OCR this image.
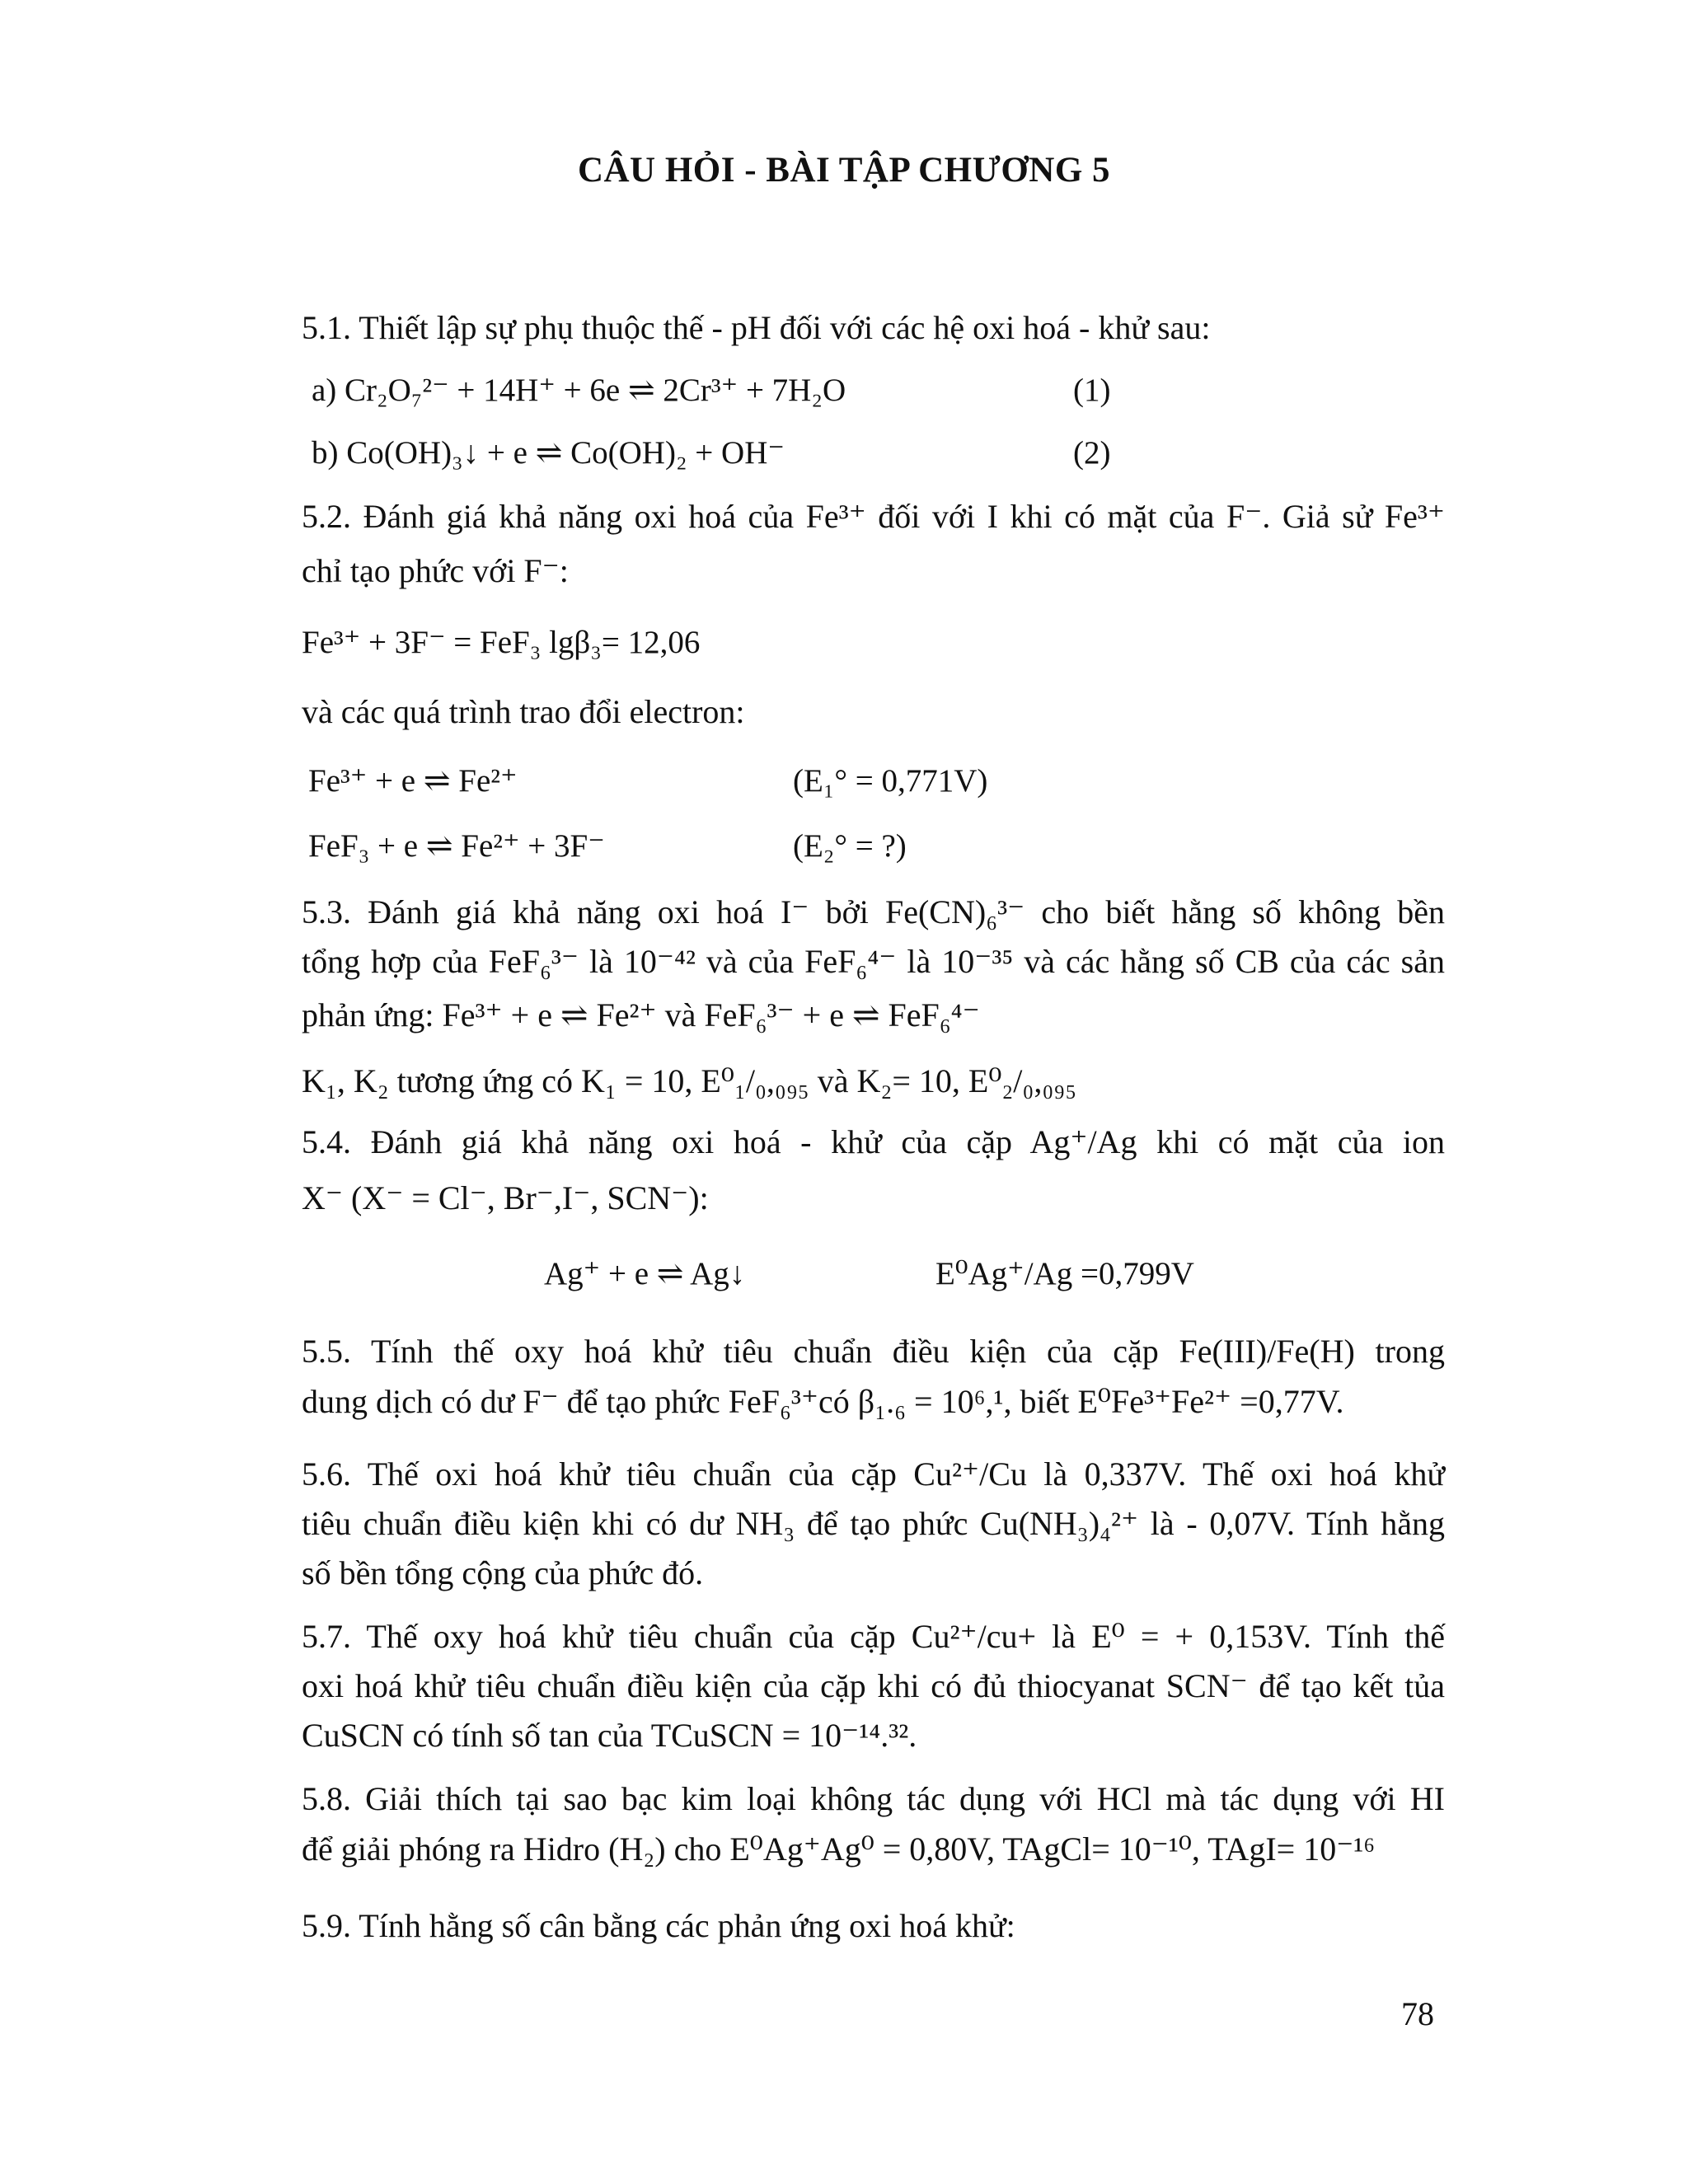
CÂU HỎI - BÀI TẬP CHƯƠNG 5
5.1. Thiết lập sự phụ thuộc thế - pH đối với các hệ oxi hoá - khử sau:
a) Cr₂O₇²⁻ + 14H⁺ + 6e ⇌ 2Cr³⁺ + 7H₂O	(1)
b) Co(OH)₃↓ + e ⇌ Co(OH)₂ + OH⁻	(2)
5.2. Đánh giá khả năng oxi hoá của Fe³⁺ đối với I khi có mặt của F⁻. Giả sử Fe³⁺
chỉ tạo phức với F⁻:
Fe³⁺ + 3F⁻ = FeF₃ lgβ₃= 12,06
và các quá trình trao đổi electron:
Fe³⁺ + e ⇌ Fe²⁺	(E₁° = 0,771V)
FeF₃ + e ⇌ Fe²⁺ + 3F⁻	(E₂° = ?)
5.3. Đánh giá khả năng oxi hoá I⁻ bởi Fe(CN)₆³⁻ cho biết hằng số không bền
tổng hợp của FeF₆³⁻ là 10⁻⁴² và của FeF₆⁴⁻ là 10⁻³⁵ và các hằng số CB của các sản
phản ứng: Fe³⁺ + e ⇌ Fe²⁺ và FeF₆³⁻ + e ⇌ FeF₆⁴⁻
K₁, K₂ tương ứng có K₁ = 10, E⁰₁/₀,₀₉₅ và K₂= 10, E⁰₂/₀,₀₉₅
5.4. Đánh giá khả năng oxi hoá - khử của cặp Ag⁺/Ag khi có mặt của ion
X⁻ (X⁻ = Cl⁻, Br⁻,I⁻, SCN⁻):
Ag⁺ + e ⇌ Ag↓	E⁰Ag⁺/Ag =0,799V
5.5. Tính thế oxy hoá khử tiêu chuẩn điều kiện của cặp Fe(III)/Fe(H) trong
dung dịch có dư F⁻ để tạo phức FeF₆³⁺có β₁.₆ = 10⁶,¹, biết E⁰Fe³⁺Fe²⁺ =0,77V.
5.6. Thế oxi hoá khử tiêu chuẩn của cặp Cu²⁺/Cu là 0,337V. Thế oxi hoá khử
tiêu chuẩn điều kiện khi có dư NH₃ để tạo phức Cu(NH₃)₄²⁺ là - 0,07V. Tính hằng
số bền tổng cộng của phức đó.
5.7. Thế oxy hoá khử tiêu chuẩn của cặp Cu²⁺/cu+ là E⁰ = + 0,153V. Tính thế
oxi hoá khử tiêu chuẩn điều kiện của cặp khi có đủ thiocyanat SCN⁻ để tạo kết tủa
CuSCN có tính số tan của TCuSCN = 10⁻¹⁴.³².
5.8. Giải thích tại sao bạc kim loại không tác dụng với HCl mà tác dụng với HI
để giải phóng ra Hidro (H₂) cho E⁰Ag⁺Ag⁰ = 0,80V, TAgCl= 10⁻¹⁰, TAgI= 10⁻¹⁶
5.9. Tính hằng số cân bằng các phản ứng oxi hoá khử:
78
